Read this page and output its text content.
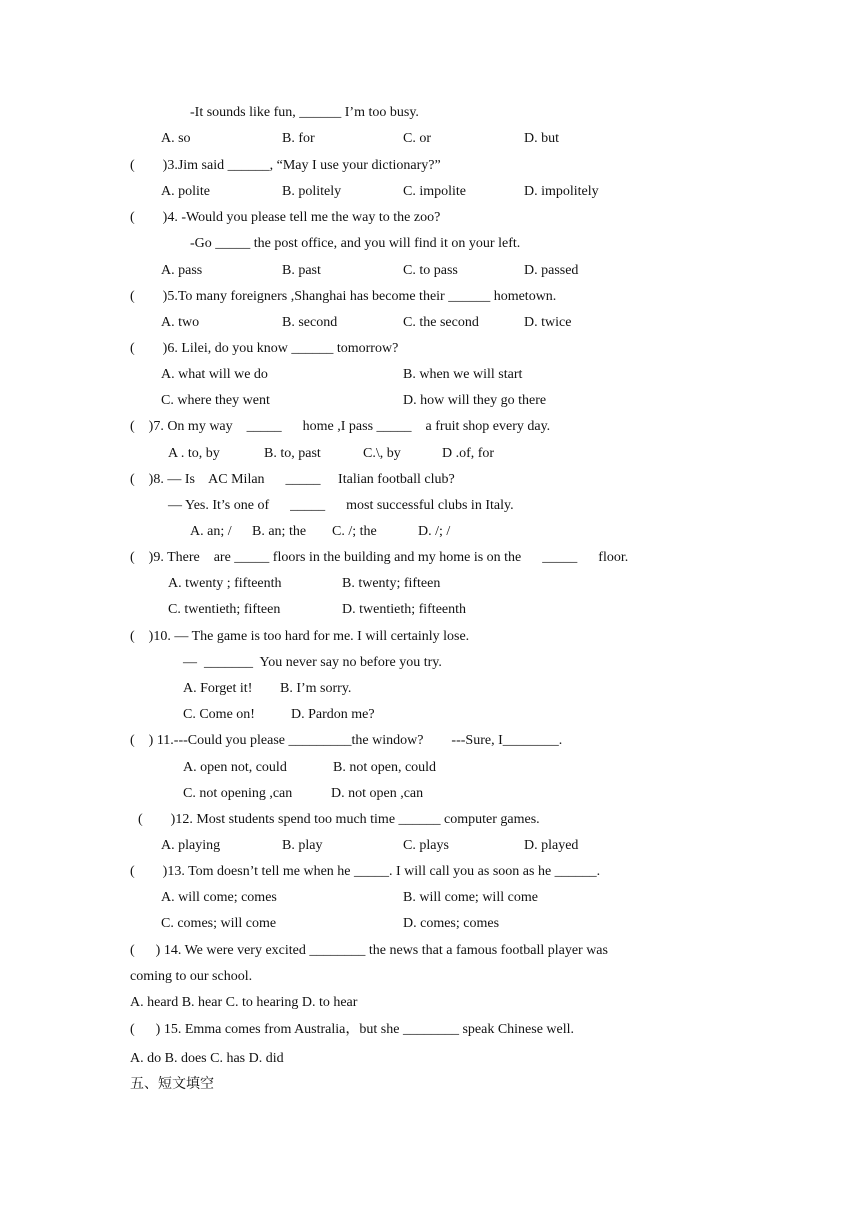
-It sounds like fun, ______ I’m too busy.
A. so	B. for	C. or	D. but
(        )3.Jim said ______, “May I use your dictionary?”
A. polite	B. politely	C. impolite	D. impolitely
(        )4. -Would you please tell me the way to the zoo?
-Go _____ the post office, and you will find it on your left.
A. pass	B. past	C. to pass	D. passed
(        )5.To many foreigners ,Shanghai has become their ______ hometown.
A. two	B. second	C. the second	D. twice
(        )6. Lilei, do you know ______ tomorrow?
A. what will we do	B. when we will start
C. where they went	D. how will they go there
(    )7. On my way    _____      home ,I pass _____    a fruit shop every day.
A . to, by	B. to, past	C.\, by	D .of, for
(    )8. — Is    AC Milan      _____     Italian football club?
— Yes. It’s one of      _____      most successful clubs in Italy.
A. an; / B. an; the C. /; the	D. /; /
(    )9. There    are _____ floors in the building and my home is on the      _____      floor.
A. twenty ; fifteenth	B. twenty; fifteen
C. twentieth; fifteen	D. twentieth; fifteenth
(    )10. — The game is too hard for me. I will certainly lose.
—  _______  You never say no before you try.
A. Forget it! B. I’m sorry.
C. Come on!	D. Pardon me?
(    ) 11.---Could you please _________the window?        ---Sure, I________.
A. open not, could	B. not open, could
C. not opening ,can	D. not open ,can
(        )12. Most students spend too much time ______ computer games.
A. playing	B. play	C. plays	D. played
(        )13. Tom doesn’t tell me when he _____. I will call you as soon as he ______.
A. will come; comes	B. will come; will come
C. comes; will come	D. comes; comes
(      ) 14. We were very excited ________ the news that a famous football player was
coming to our school.
A. heard B. hear C. to hearing D. to hear
(      ) 15. Emma comes from Australia，but she ________ speak Chinese well.
A. do B. does C. has D. did
五、短文填空
